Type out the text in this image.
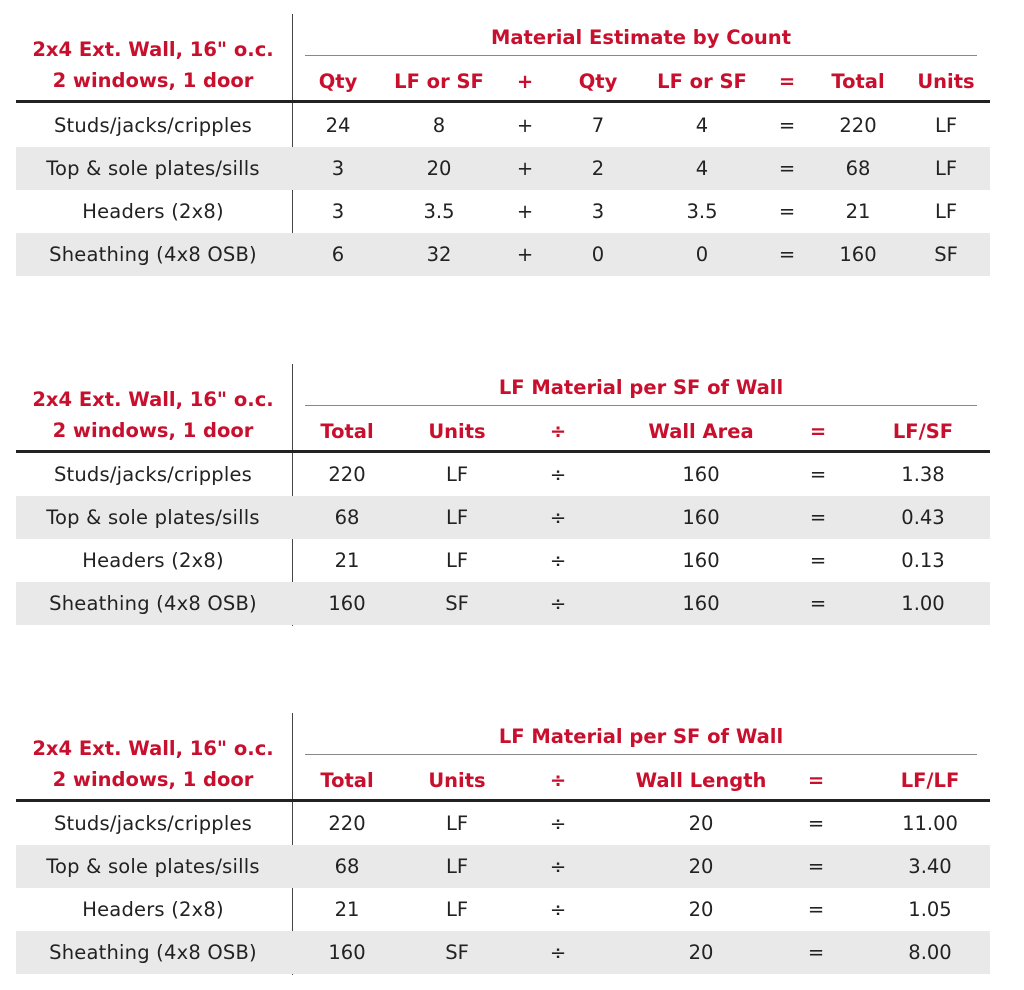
2x4 Ext. Wall, 16" o.c.
2 windows, 1 door
Material Estimate by Count
Qty	LF or SF	+	Qty	LF or SF	=	Total	Units
Studs/jacks/cripples	24	8	+	7	4	=	220	LF
Top & sole plates/sills	3	20	+	2	4	=	68	LF
Headers (2x8)	3	3.5	+	3	3.5	=	21	LF
Sheathing (4x8 OSB)	6	32	+	0	0	=	160	SF
2x4 Ext. Wall, 16" o.c.
2 windows, 1 door
LF Material per SF of Wall
Total	Units	÷	Wall Area	=	LF/SF
Studs/jacks/cripples	220	LF	÷	160	=	1.38
Top & sole plates/sills	68	LF	÷	160	=	0.43
Headers (2x8)	21	LF	÷	160	=	0.13
Sheathing (4x8 OSB)	160	SF	÷	160	=	1.00
2x4 Ext. Wall, 16" o.c.
2 windows, 1 door
LF Material per SF of Wall
Total	Units	÷	Wall Length	=	LF/LF
Studs/jacks/cripples	220	LF	÷	20	=	11.00
Top & sole plates/sills	68	LF	÷	20	=	3.40
Headers (2x8)	21	LF	÷	20	=	1.05
Sheathing (4x8 OSB)	160	SF	÷	20	=	8.00
